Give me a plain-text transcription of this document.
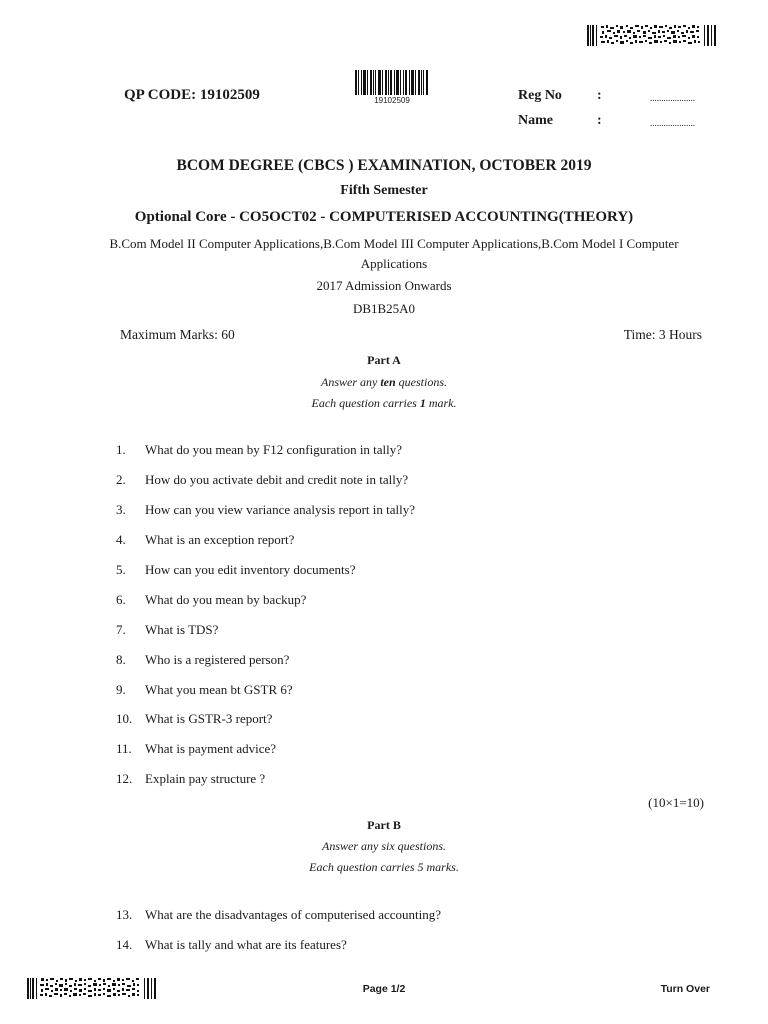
QP CODE: 19102509	19102509	Reg No	:	....................
Name	:	....................
BCOM DEGREE (CBCS ) EXAMINATION, OCTOBER 2019
Fifth Semester
Optional Core - CO5OCT02 - COMPUTERISED ACCOUNTING(THEORY)
B.Com Model II Computer Applications,B.Com Model III Computer Applications,B.Com Model I Computer Applications
2017 Admission Onwards
DB1B25A0
Maximum Marks: 60	Time: 3 Hours
Part A
Answer any ten questions.
Each question carries 1 mark.
1. What do you mean by F12 configuration in tally?
2. How do you activate debit and credit note in tally?
3. How can you view variance analysis report in tally?
4. What is an exception report?
5. How can you edit inventory documents?
6. What do you mean by backup?
7. What is TDS?
8. Who is a registered person?
9. What you mean bt GSTR 6?
10. What is GSTR-3 report?
11. What is payment advice?
12. Explain pay structure ?
(10×1=10)
Part B
Answer any six questions.
Each question carries 5 marks.
13. What are the disadvantages of computerised accounting?
14. What is tally and what are its features?
Page 1/2	Turn Over
